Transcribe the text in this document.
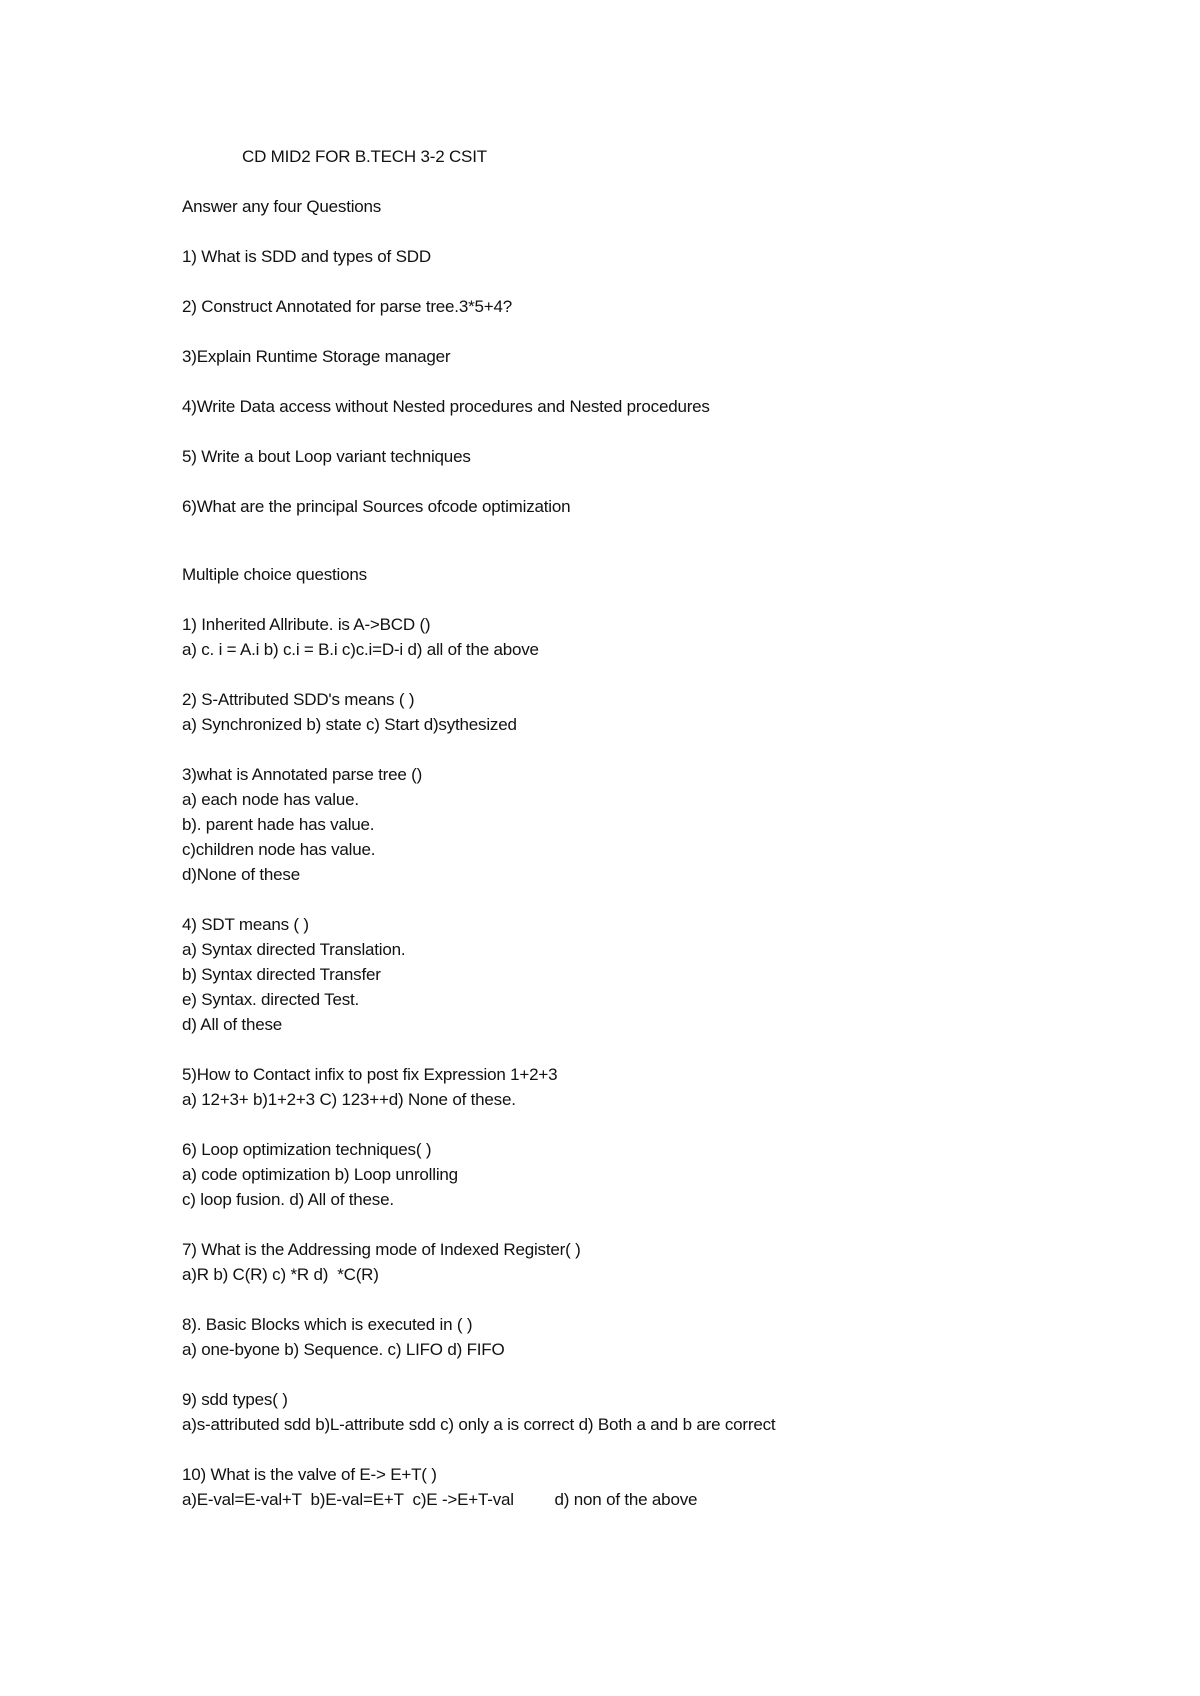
CD MID2 FOR B.TECH 3-2 CSIT
Answer any four Questions
1) What is SDD and types of SDD
2) Construct Annotated for parse tree.3*5+4?
3)Explain Runtime Storage manager
4)Write Data access without Nested procedures and Nested procedures
5) Write a bout Loop variant techniques
6)What are the principal Sources ofcode optimization
Multiple choice questions
1) Inherited Allribute. is A->BCD ()
a) c. i = A.i b) c.i = B.i c)c.i=D-i d) all of the above
2) S-Attributed SDD's means ( )
a) Synchronized b) state c) Start d)sythesized
3)what is Annotated parse tree ()
a) each node has value.
b). parent hade has value.
c)children node has value.
d)None of these
4) SDT means ( )
a) Syntax directed Translation.
b) Syntax directed Transfer
e) Syntax. directed Test.
d) All of these
5)How to Contact infix to post fix Expression 1+2+3
a) 12+3+ b)1+2+3 C) 123++d) None of these.
6) Loop optimization techniques( )
a) code optimization b) Loop unrolling
c) loop fusion. d) All of these.
7) What is the Addressing mode of Indexed Register( )
a)R b) C(R) c) *R d)  *C(R)
8). Basic Blocks which is executed in ( )
a) one-byone b) Sequence. c) LIFO d) FIFO
9) sdd types( )
a)s-attributed sdd b)L-attribute sdd c) only a is correct d) Both a and b are correct
10) What is the valve of E-> E+T( )
a)E-val=E-val+T  b)E-val=E+T  c)E ->E+T-val         d) non of the above
